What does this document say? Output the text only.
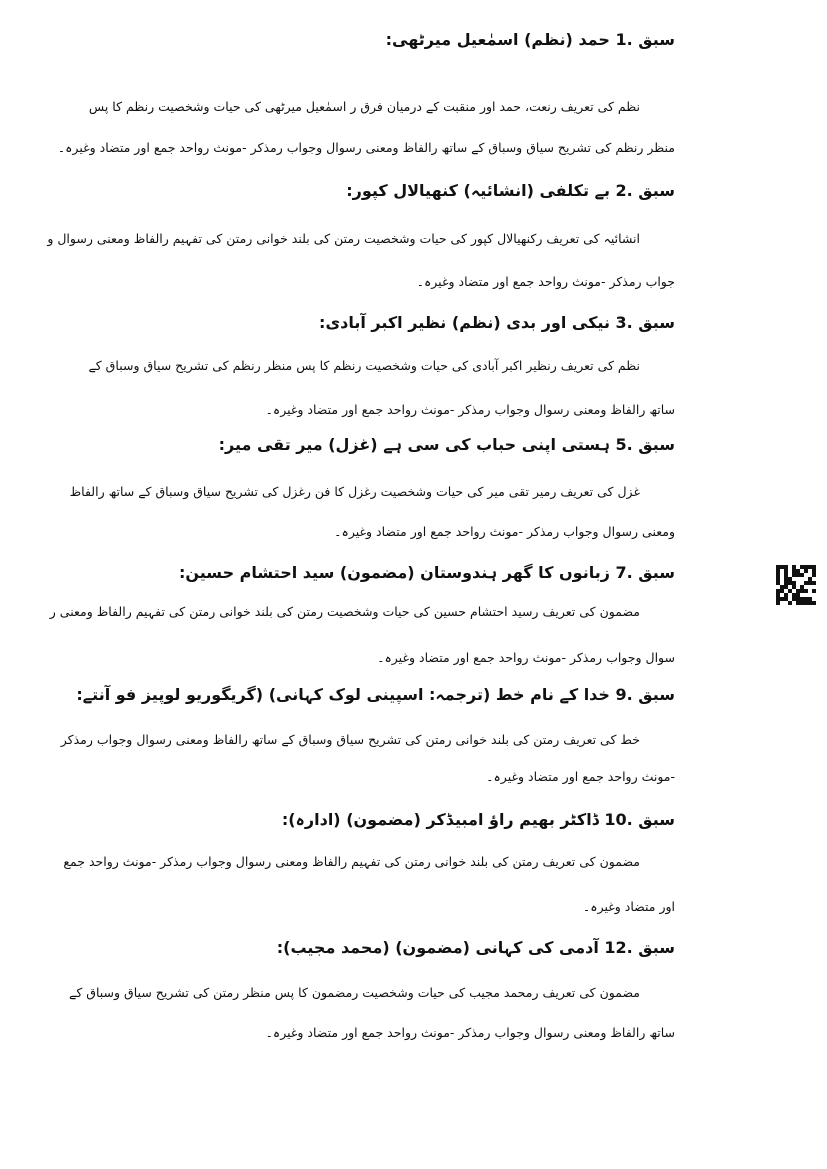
سبق .1 حمد (نظم) اسمٰعیل میرٹھی:
نظم کی تعریف رنعت، حمد اور منقبت کے درمیان فرق ر اسمٰعیل میرٹھی کی حیات وشخصیت رنظم کا پس
منظر رنظم کی تشریح سیاق وسباق کے ساتھ رالفاظ ومعنی رسوال وجواب رمذکر -مونث رواحد جمع اور متضاد وغیرہ۔
سبق .2 بے تکلفی (انشائیہ) کنھیالال کپور:
انشائیہ کی تعریف رکنھیالال کپور کی حیات وشخصیت رمتن کی بلند خوانی رمتن کی تفہیم رالفاظ ومعنی رسوال و
جواب رمذکر -مونث رواحد جمع اور متضاد وغیرہ۔
سبق .3 نیکی اور بدی (نظم) نظیر اکبر آبادی:
نظم کی تعریف رنظیر اکبر آبادی کی حیات وشخصیت رنظم کا پس منظر رنظم کی تشریح سیاق وسباق کے
ساتھ رالفاظ ومعنی رسوال وجواب رمذکر -مونث رواحد جمع اور متضاد وغیرہ۔
سبق .5 ہستی اپنی حباب کی سی ہے (غزل) میر تقی میر:
غزل کی تعریف رمیر تقی میر کی حیات وشخصیت رغزل کا فن رغزل کی تشریح سیاق وسباق کے ساتھ رالفاظ
ومعنی رسوال وجواب رمذکر -مونث رواحد جمع اور متضاد وغیرہ۔
سبق .7 زبانوں کا گھر ہندوستان (مضمون) سید احتشام حسین:
مضمون کی تعریف رسید احتشام حسین کی حیات وشخصیت رمتن کی بلند خوانی رمتن کی تفہیم رالفاظ ومعنی ر
سوال وجواب رمذکر -مونث رواحد جمع اور متضاد وغیرہ۔
سبق .9 خدا کے نام خط (ترجمہ: اسپینی لوک کہانی) (گریگوریو لوپیز فو آنتے:
خط کی تعریف رمتن کی بلند خوانی رمتن کی تشریح سیاق وسباق کے ساتھ رالفاظ ومعنی رسوال وجواب رمذکر
-مونث رواحد جمع اور متضاد وغیرہ۔
سبق .10 ڈاکٹر بھیم راؤ امبیڈکر (مضمون) (ادارہ):
مضمون کی تعریف رمتن کی بلند خوانی رمتن کی تفہیم رالفاظ ومعنی رسوال وجواب رمذکر -مونث رواحد جمع
اور متضاد وغیرہ۔
سبق .12 آدمی کی کہانی (مضمون) (محمد مجیب):
مضمون کی تعریف رمحمد مجیب کی حیات وشخصیت رمضمون کا پس منظر رمتن کی تشریح سیاق وسباق کے
ساتھ رالفاظ ومعنی رسوال وجواب رمذکر -مونث رواحد جمع اور متضاد وغیرہ۔
